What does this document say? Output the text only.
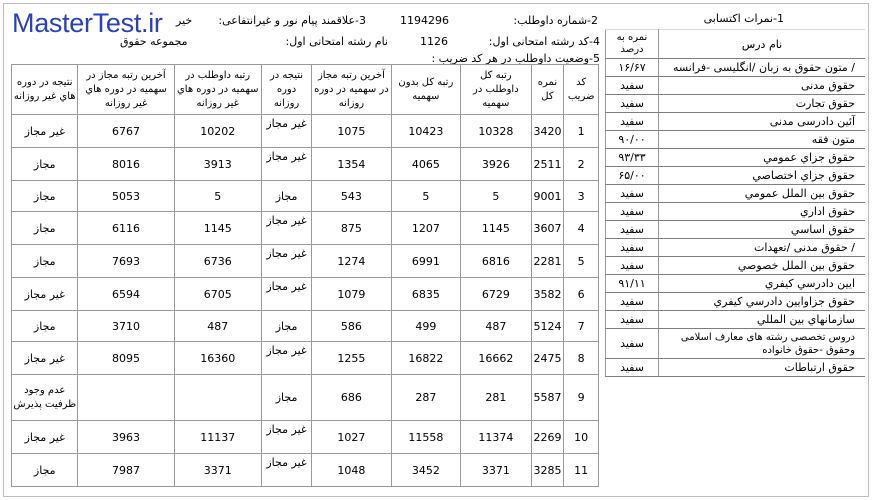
MasterTest.ir	1-نمرات اکتسابی
2-شماره داوطلب:
1194296
3-علاقمند پیام نور و غیرانتفاعی:
خیر
4-کد رشته امتحانی اول:
1126
نام رشته امتحانی اول:
مجموعه حقوق
5-وضعیت داوطلب در هر کد ضریب :
نتیجه در دوره هاي غیر روزانه	آخرین رتبه مجاز در سهمیه در دوره هاي غیر روزانه	رتبه داوطلب در سهمیه در دوره هاي غیر روزانه	نتیجه در دوره روزانه	آخرین رتبه مجاز در سهمیه در دوره روزانه	رتبه کل بدون سهمیه	رتبه کل داوطلب در سهمیه	نمره کل	کد ضریب
غیر مجاز	6767	10202	غیر مجاز	1075	10423	10328	3420	1
مجاز	8016	3913	غیر مجاز	1354	4065	3926	2511	2
مجاز	5053	5	مجاز	543	5	5	9001	3
مجاز	6116	1145	غیر مجاز	875	1207	1145	3607	4
مجاز	7693	6736	غیر مجاز	1274	6991	6816	2281	5
غیر مجاز	6594	6705	غیر مجاز	1079	6835	6729	3582	6
مجاز	3710	487	مجاز	586	499	487	5124	7
غیر مجاز	8095	16360	غیر مجاز	1255	16822	16662	2475	8
عدم وجود ظرفیت پذیرش			مجاز	686	287	281	5587	9
غیر مجاز	3963	11137	غیر مجاز	1027	11558	11374	2269	10
مجاز	7987	3371	غیر مجاز	1048	3452	3371	3285	11
نمره به درصد	نام درس
۱۶/۶۷	/ متون حقوق به زبان /انگلیسی -فرانسه
سفید	حقوق مدنی
سفید	حقوق تجارت
سفید	آئین دادرسی مدنی
۹۰/۰۰	متون فقه
۹۳/۳۳	حقوق جزاي عمومي
۶۵/۰۰	حقوق جزاي اختصاصي
سفید	حقوق بين الملل عمومي
سفید	حقوق اداري
سفید	حقوق اساسي
سفید	/ حقوق مدنی /تعهدات
سفید	حقوق بين الملل خصوصي
۹۱/۱۱	ايين دادرسي كيفري
سفید	حقوق جزاوايين دادرسي كيفري
سفید	سازمانهاي بين المللي
سفید	دروس تخصصی رشته های معارف اسلامی وحقوق -حقوق خانواده
سفید	حقوق ارتباطات
